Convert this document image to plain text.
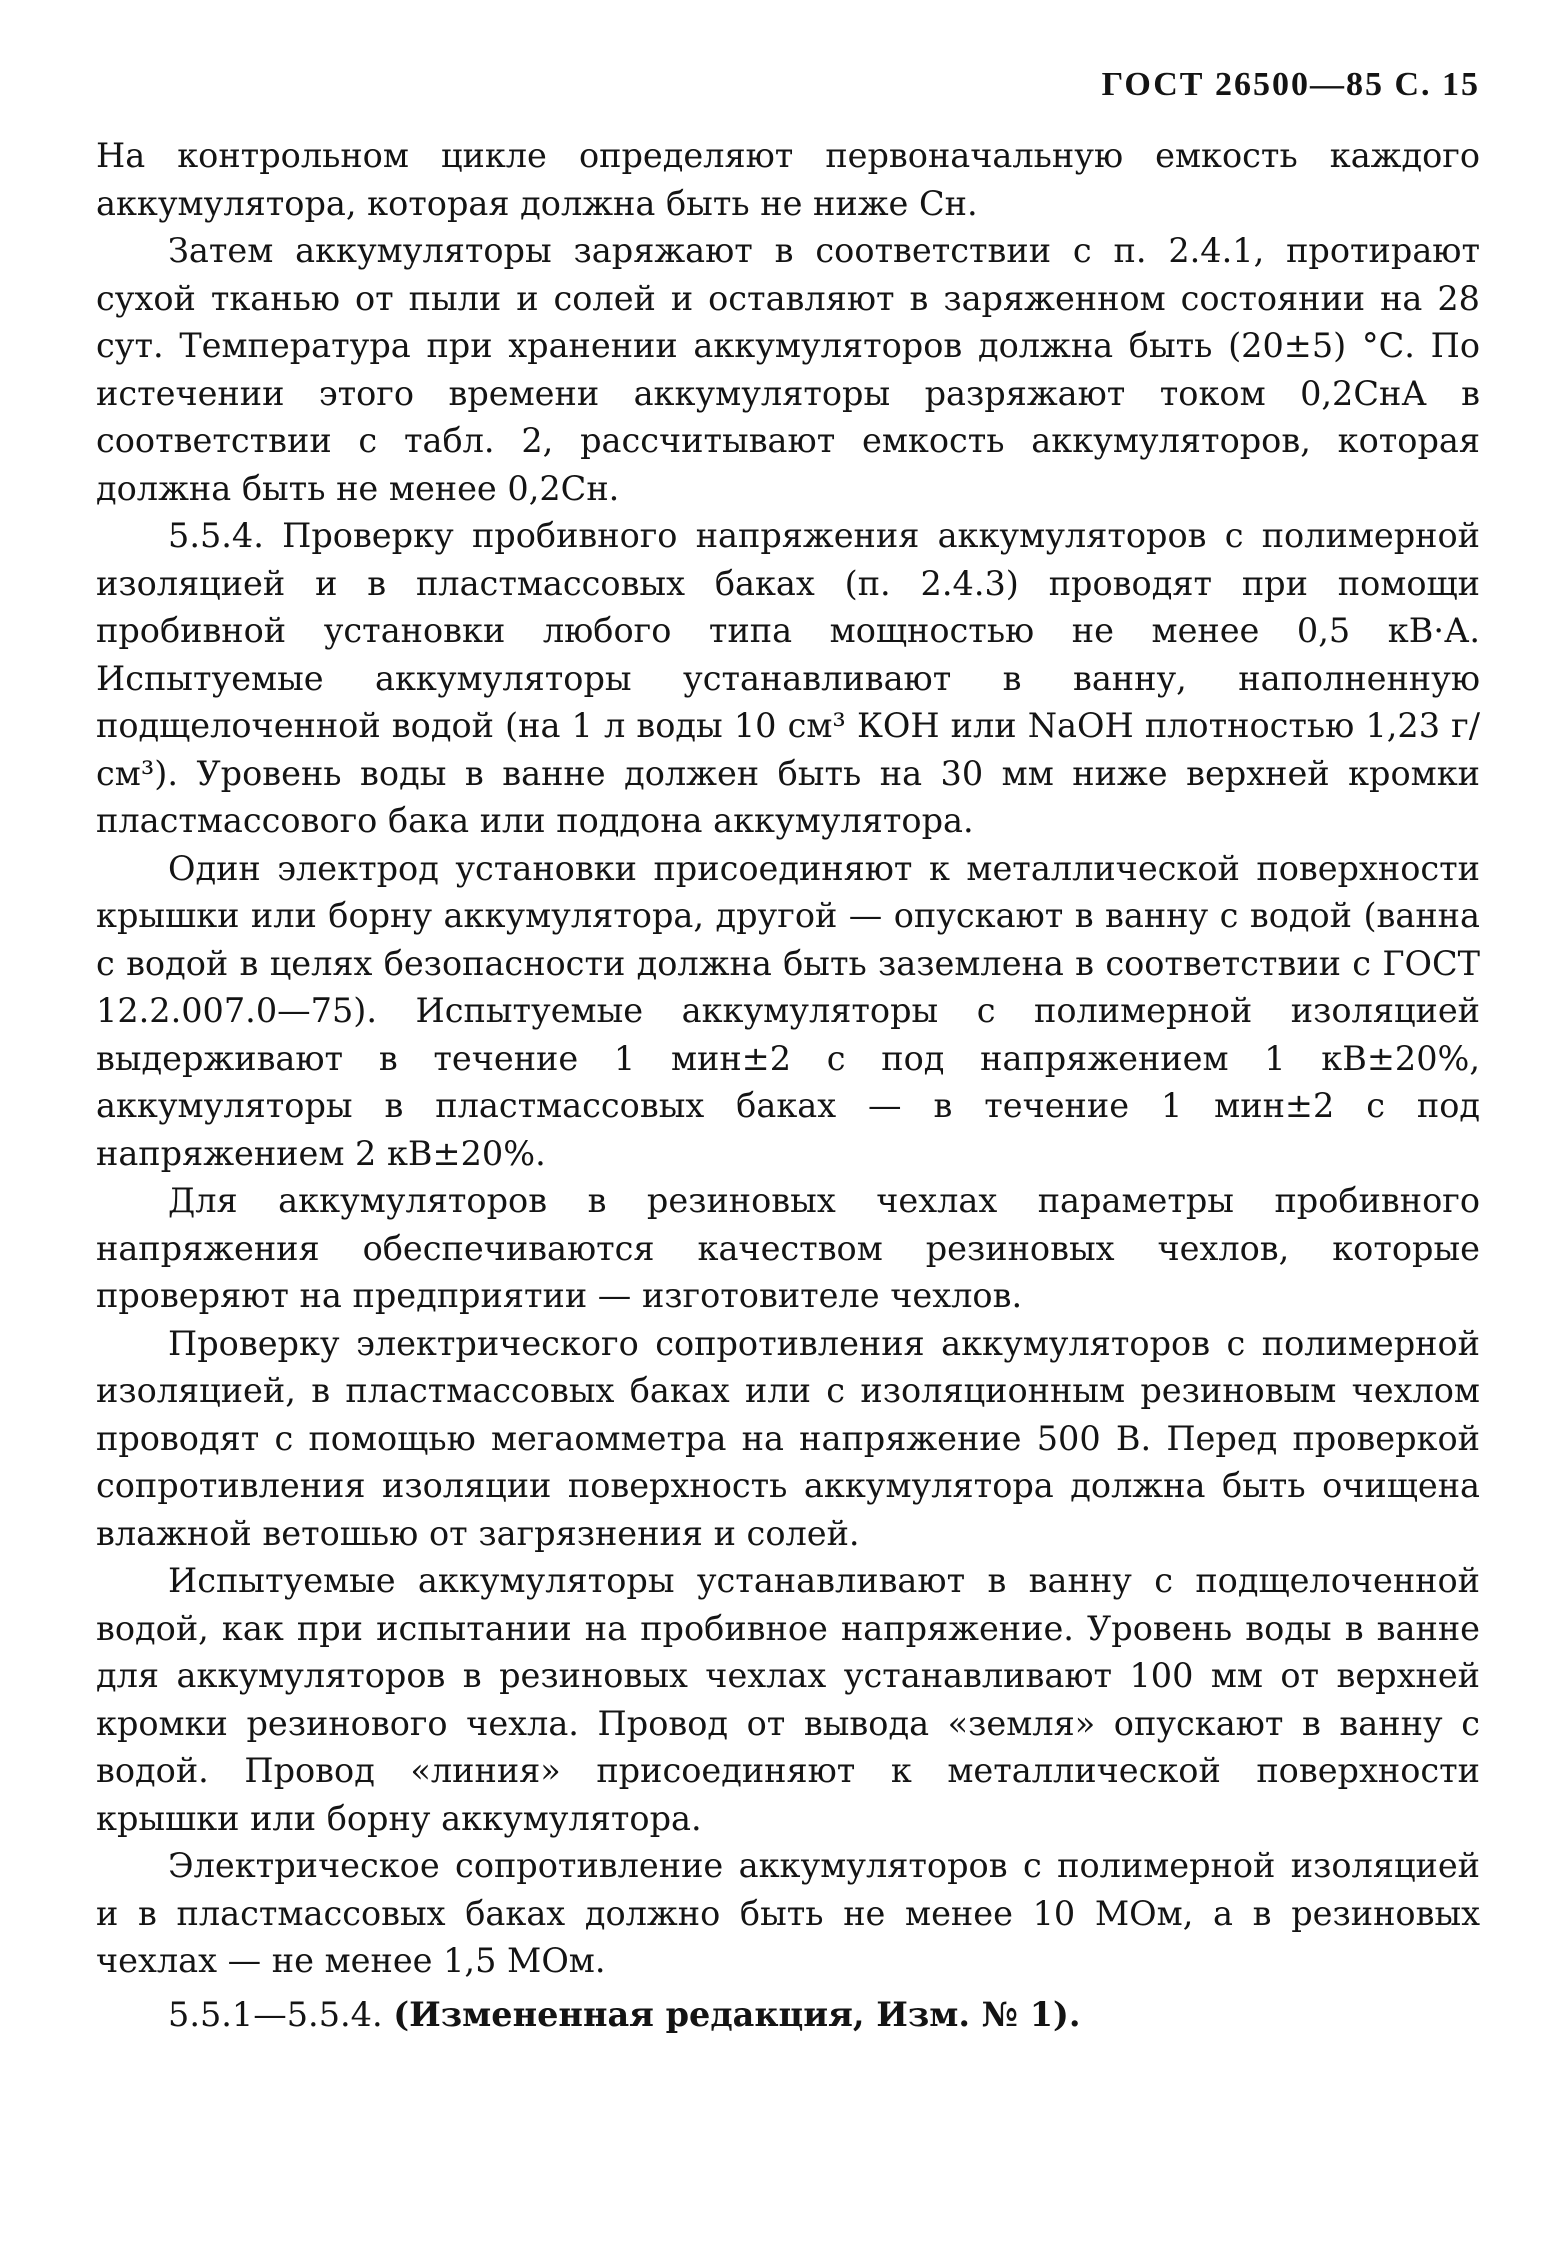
ГОСТ 26500—85 С. 15

На контрольном цикле определяют первоначальную емкость каждого аккумулятора, которая должна быть не ниже Сн.

Затем аккумуляторы заряжают в соответствии с п. 2.4.1, протирают сухой тканью от пыли и солей и оставляют в заряженном состоянии на 28 сут. Температура при хранении аккумуляторов должна быть (20±5) °С. По истечении этого времени аккумуляторы разряжают током 0,2СнА в соответствии с табл. 2, рассчитывают емкость аккумуляторов, которая должна быть не менее 0,2Сн.

5.5.4. Проверку пробивного напряжения аккумуляторов с полимерной изоляцией и в пластмассовых баках (п. 2.4.3) проводят при помощи пробивной установки любого типа мощностью не менее 0,5 кВ·А. Испытуемые аккумуляторы устанавливают в ванну, наполненную подщелоченной водой (на 1 л воды 10 см³ КОН или NaOH плотностью 1,23 г/см³). Уровень воды в ванне должен быть на 30 мм ниже верхней кромки пластмассового бака или поддона аккумулятора.

Один электрод установки присоединяют к металлической поверхности крышки или борну аккумулятора, другой — опускают в ванну с водой (ванна с водой в целях безопасности должна быть заземлена в соответствии с ГОСТ 12.2.007.0—75). Испытуемые аккумуляторы с полимерной изоляцией выдерживают в течение 1 мин±2 с под напряжением 1 кВ±20%, аккумуляторы в пластмассовых баках — в течение 1 мин±2 с под напряжением 2 кВ±20%.

Для аккумуляторов в резиновых чехлах параметры пробивного напряжения обеспечиваются качеством резиновых чехлов, которые проверяют на предприятии — изготовителе чехлов.

Проверку электрического сопротивления аккумуляторов с полимерной изоляцией, в пластмассовых баках или с изоляционным резиновым чехлом проводят с помощью мегаомметра на напряжение 500 В. Перед проверкой сопротивления изоляции поверхность аккумулятора должна быть очищена влажной ветошью от загрязнения и солей.

Испытуемые аккумуляторы устанавливают в ванну с подщелоченной водой, как при испытании на пробивное напряжение. Уровень воды в ванне для аккумуляторов в резиновых чехлах устанавливают 100 мм от верхней кромки резинового чехла. Провод от вывода «земля» опускают в ванну с водой. Провод «линия» присоединяют к металлической поверхности крышки или борну аккумулятора.

Электрическое сопротивление аккумуляторов с полимерной изоляцией и в пластмассовых баках должно быть не менее 10 МОм, а в резиновых чехлах — не менее 1,5 МОм.

5.5.1—5.5.4. (Измененная редакция, Изм. № 1).
